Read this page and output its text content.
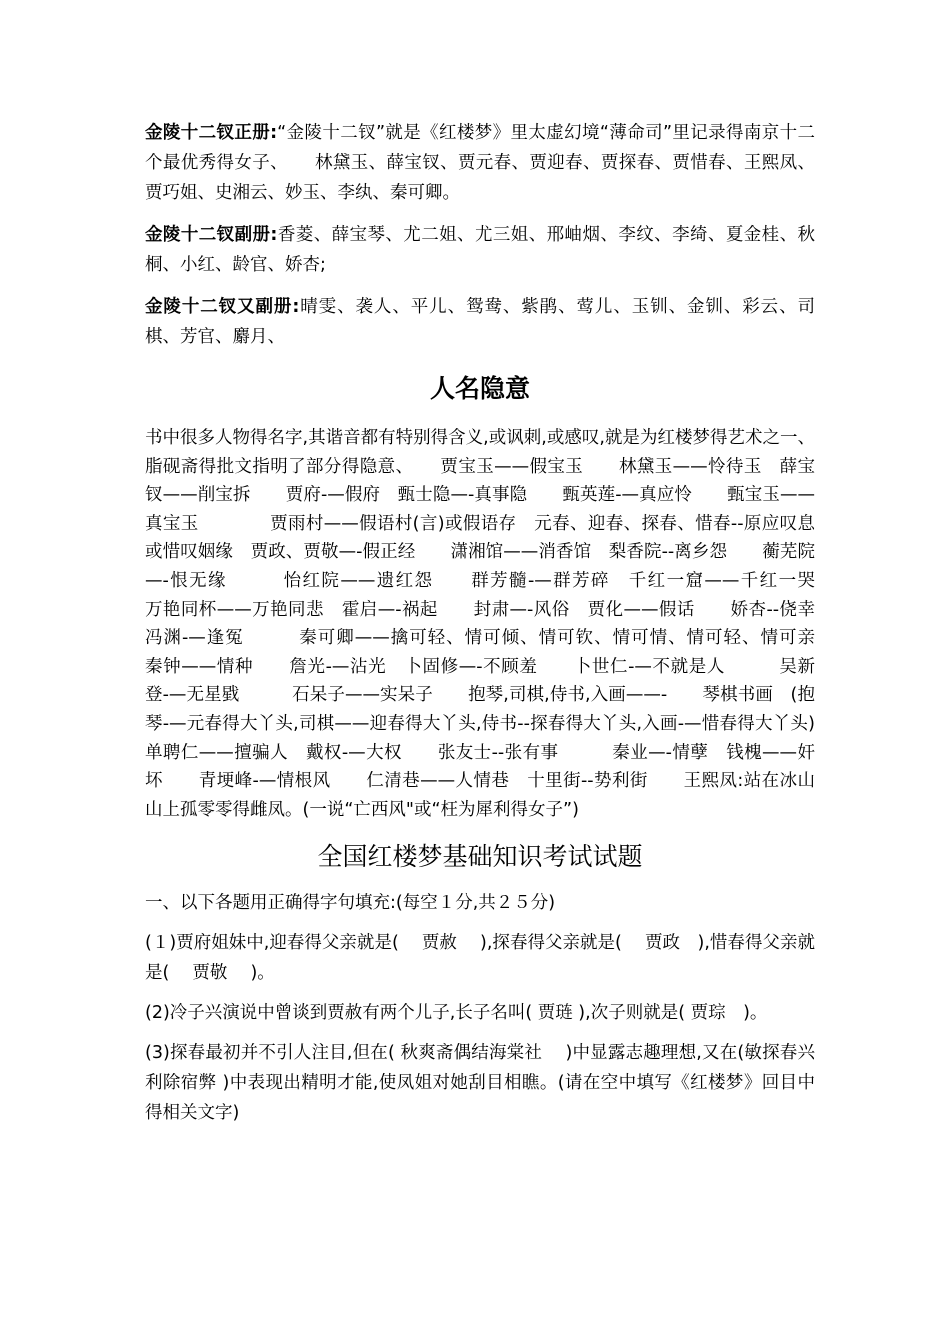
金陵十二钗正册:“金陵十二钗”就是《红楼梦》里太虚幻境“薄命司”里记录得南京十二个最优秀得女子、　　林黛玉、薛宝钗、贾元春、贾迎春、贾探春、贾惜春、王熙凤、贾巧姐、史湘云、妙玉、李纨、秦可卿。

金陵十二钗副册:香菱、薛宝琴、尤二姐、尤三姐、邢岫烟、李纹、李绮、夏金桂、秋桐、小红、龄官、娇杏;

金陵十二钗又副册:晴雯、袭人、平儿、鸳鸯、紫鹃、莺儿、玉钏、金钏、彩云、司棋、芳官、麝月、

人名隐意

书中很多人物得名字,其谐音都有特别得含义,或讽刺,或感叹,就是为红楼梦得艺术之一、脂砚斋得批文指明了部分得隐意、　　贾宝玉——假宝玉　　林黛玉——怜待玉　薛宝钗——削宝拆　　贾府-—假府　甄士隐—-真事隐　　甄英莲-—真应怜　　甄宝玉——真宝玉　　　　贾雨村——假语村(言)或假语存　元春、迎春、探春、惜春--原应叹息或惜叹姻缘　贾政、贾敬—-假正经　　潇湘馆——消香馆　梨香院--离乡怨　　蘅芜院—-恨无缘　　　怡红院——遗红怨　　群芳髓-—群芳碎　千红一窟——千红一哭　　　万艳同杯——万艳同悲　霍启—-祸起　　封肃—-风俗　贾化——假话　　娇杏--侥幸　　　冯渊-—逢冤　　　秦可卿——擒可轻、情可倾、情可钦、情可情、情可轻、情可亲　　　秦钟——情种　　詹光-—沾光　卜固修—-不顾羞　　卜世仁-—不就是人　　　吴新登-—无星戥　　　石呆子——实呆子　　抱琴,司棋,侍书,入画——-　　琴棋书画　(抱琴-—元春得大丫头,司棋——迎春得大丫头,侍书--探春得大丫头,入画-—惜春得大丫头)　　　　单聘仁——擅骗人　戴权-—大权　　张友士--张有事　　　秦业—-情孽　钱槐——奸坏　　青埂峰-—情根风　　仁清巷——人情巷　十里街--势利街　　王熙凤:站在冰山山上孤零零得雌凤。(一说“亡西风"或“枉为犀利得女子”)

全国红楼梦基础知识考试试题

一、以下各题用正确得字句填充:(每空１分,共２５分)

(１)贾府姐妹中,迎春得父亲就是(　 贾赦　 ),探春得父亲就是(　 贾政　),惜春得父亲就是(　 贾敬　 )。

(2)冷子兴演说中曾谈到贾赦有两个儿子,长子名叫( 贾琏 ),次子则就是( 贾琮　)。

(3)探春最初并不引人注目,但在( 秋爽斋偶结海棠社　 )中显露志趣理想,又在(敏探春兴利除宿弊 )中表现出精明才能,使凤姐对她刮目相瞧。(请在空中填写《红楼梦》回目中得相关文字)
